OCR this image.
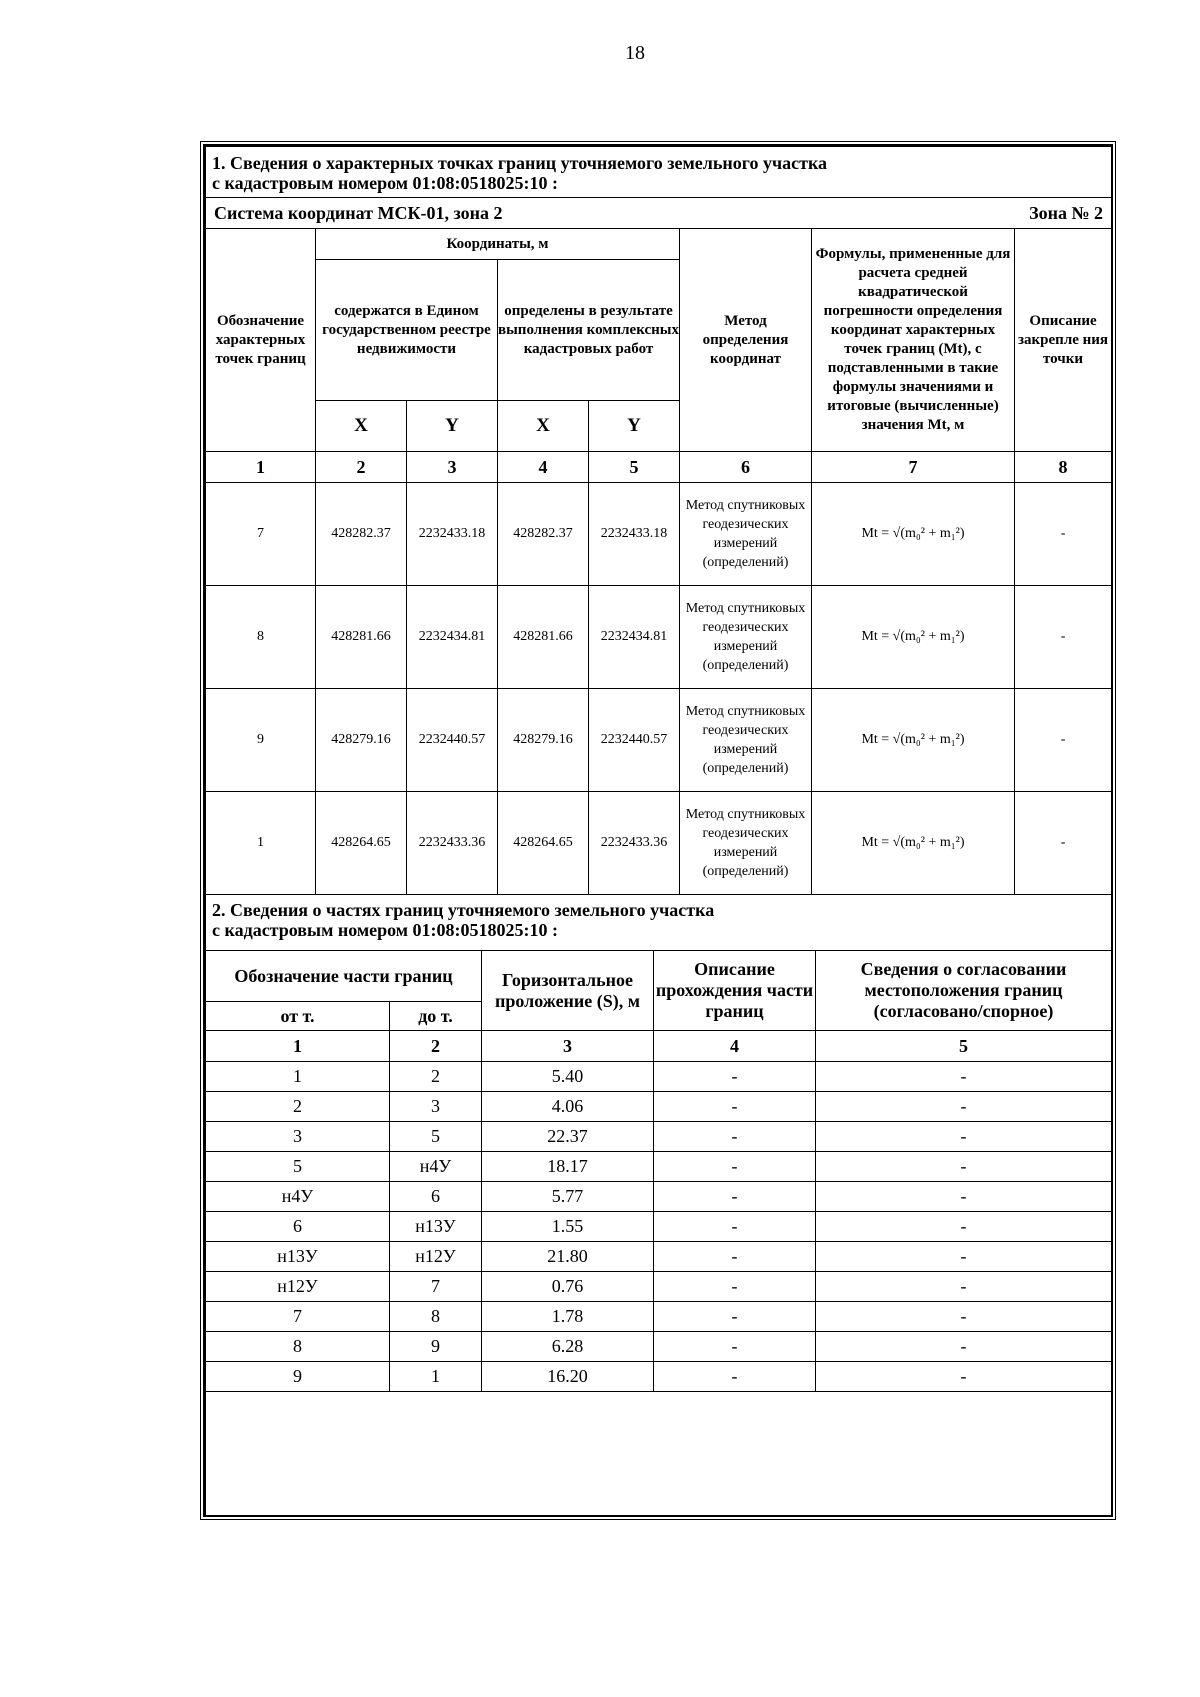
18
1. Сведения о характерных точках границ уточняемого земельного участка
с кадастровым номером 01:08:0518025:10 :							

Система координат МСК-01, зона 2 Зона № 2							

Обозначение характерных точек границ	Координаты, м				Метод определения координат	Формулы, примененные для расчета средней квадратической погрешности определения координат характерных точек границ (Mt), с подставленными в такие формулы значениями и итоговые (вычисленные) значения Mt, м	Описание закрепле ния точки
	содержатся в Едином государственном реестре недвижимости		определены в результате выполнения комплексных кадастровых работ				
	X	Y	X	Y			
1	2	3	4	5	6	7	8
7	428282.37	2232433.18	428282.37	2232433.18	Метод спутниковых геодезических измерений (определений)	Mt = √(m₀² + m₁²)	-
8	428281.66	2232434.81	428281.66	2232434.81	Метод спутниковых геодезических измерений (определений)	Mt = √(m₀² + m₁²)	-
9	428279.16	2232440.57	428279.16	2232440.57	Метод спутниковых геодезических измерений (определений)	Mt = √(m₀² + m₁²)	-
1	428264.65	2232433.36	428264.65	2232433.36	Метод спутниковых геодезических измерений (определений)	Mt = √(m₀² + m₁²)	-
2. Сведения о частях границ уточняемого земельного участка
с кадастровым номером 01:08:0518025:10 :				

Обозначение части границ		Горизонтальное проложение (S), м	Описание прохождения части границ	Сведения о согласовании местоположения границ (согласовано/спорное)
от т.	до т.			
1	2	3	4	5
1	2	5.40	-	-
2	3	4.06	-	-
3	5	22.37	-	-
5	н4У	18.17	-	-
н4У	6	5.77	-	-
6	н13У	1.55	-	-
н13У	н12У	21.80	-	-
н12У	7	0.76	-	-
7	8	1.78	-	-
8	9	6.28	-	-
9	1	16.20	-	-
